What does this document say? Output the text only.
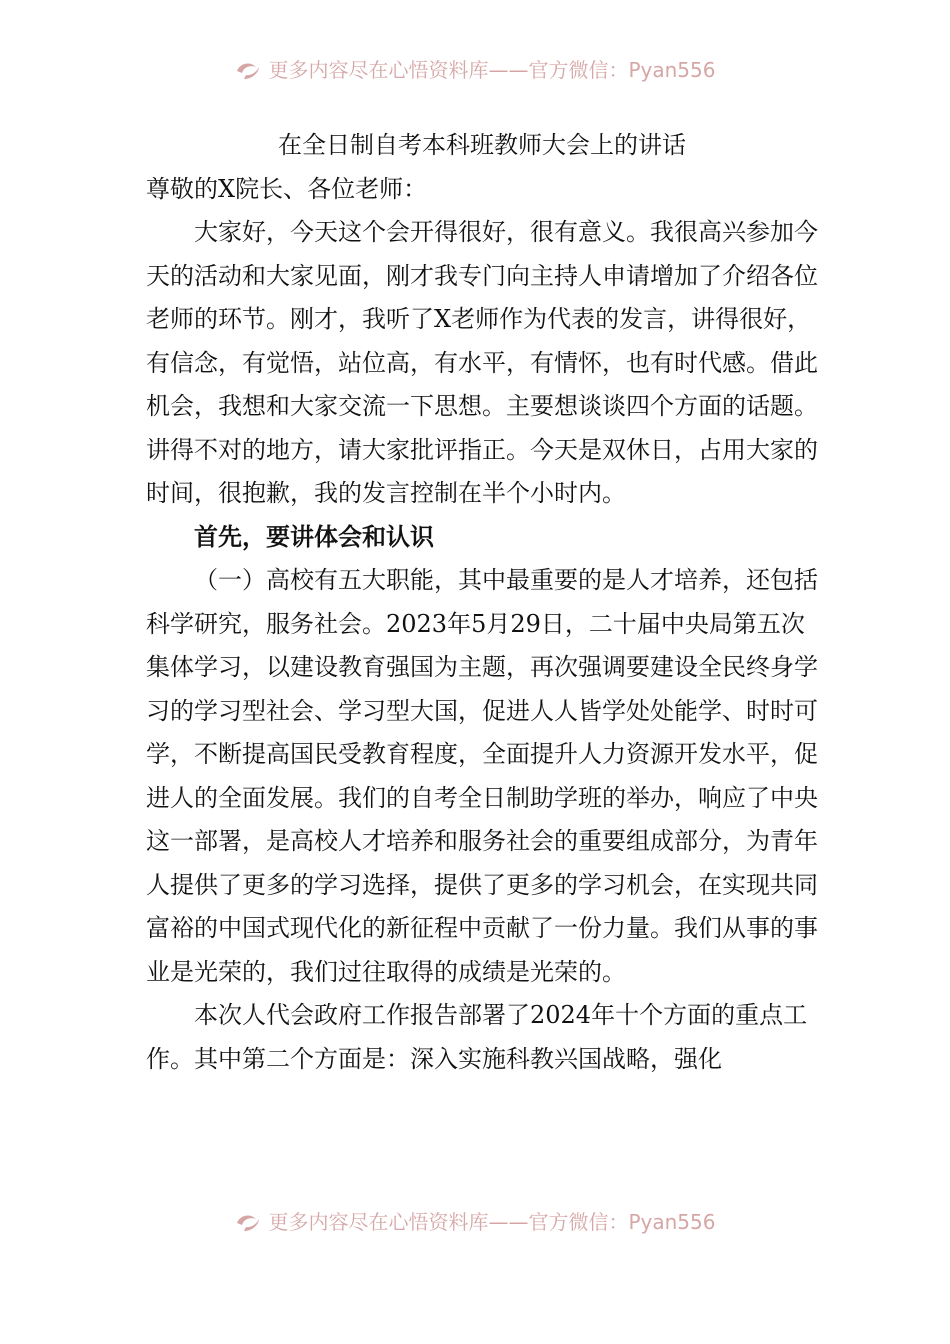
更多内容尽在心悟资料库——官方微信：Pyan556

在全日制自考本科班教师大会上的讲话

尊敬的X院长、各位老师：

大家好，今天这个会开得很好，很有意义。我很高兴参加今天的活动和大家见面，刚才我专门向主持人申请增加了介绍各位老师的环节。刚才，我听了X老师作为代表的发言，讲得很好，有信念，有觉悟，站位高，有水平，有情怀，也有时代感。借此机会，我想和大家交流一下思想。主要想谈谈四个方面的话题。讲得不对的地方，请大家批评指正。今天是双休日，占用大家的时间，很抱歉，我的发言控制在半个小时内。

首先，要讲体会和认识

（一）高校有五大职能，其中最重要的是人才培养，还包括科学研究，服务社会。2023年5月29日，二十届中央局第五次集体学习，以建设教育强国为主题，再次强调要建设全民终身学习的学习型社会、学习型大国，促进人人皆学处处能学、时时可学，不断提高国民受教育程度，全面提升人力资源开发水平，促进人的全面发展。我们的自考全日制助学班的举办，响应了中央这一部署，是高校人才培养和服务社会的重要组成部分，为青年人提供了更多的学习选择，提供了更多的学习机会，在实现共同富裕的中国式现代化的新征程中贡献了一份力量。我们从事的事业是光荣的，我们过往取得的成绩是光荣的。

本次人代会政府工作报告部署了2024年十个方面的重点工作。其中第二个方面是：深入实施科教兴国战略，强化

更多内容尽在心悟资料库——官方微信：Pyan556
